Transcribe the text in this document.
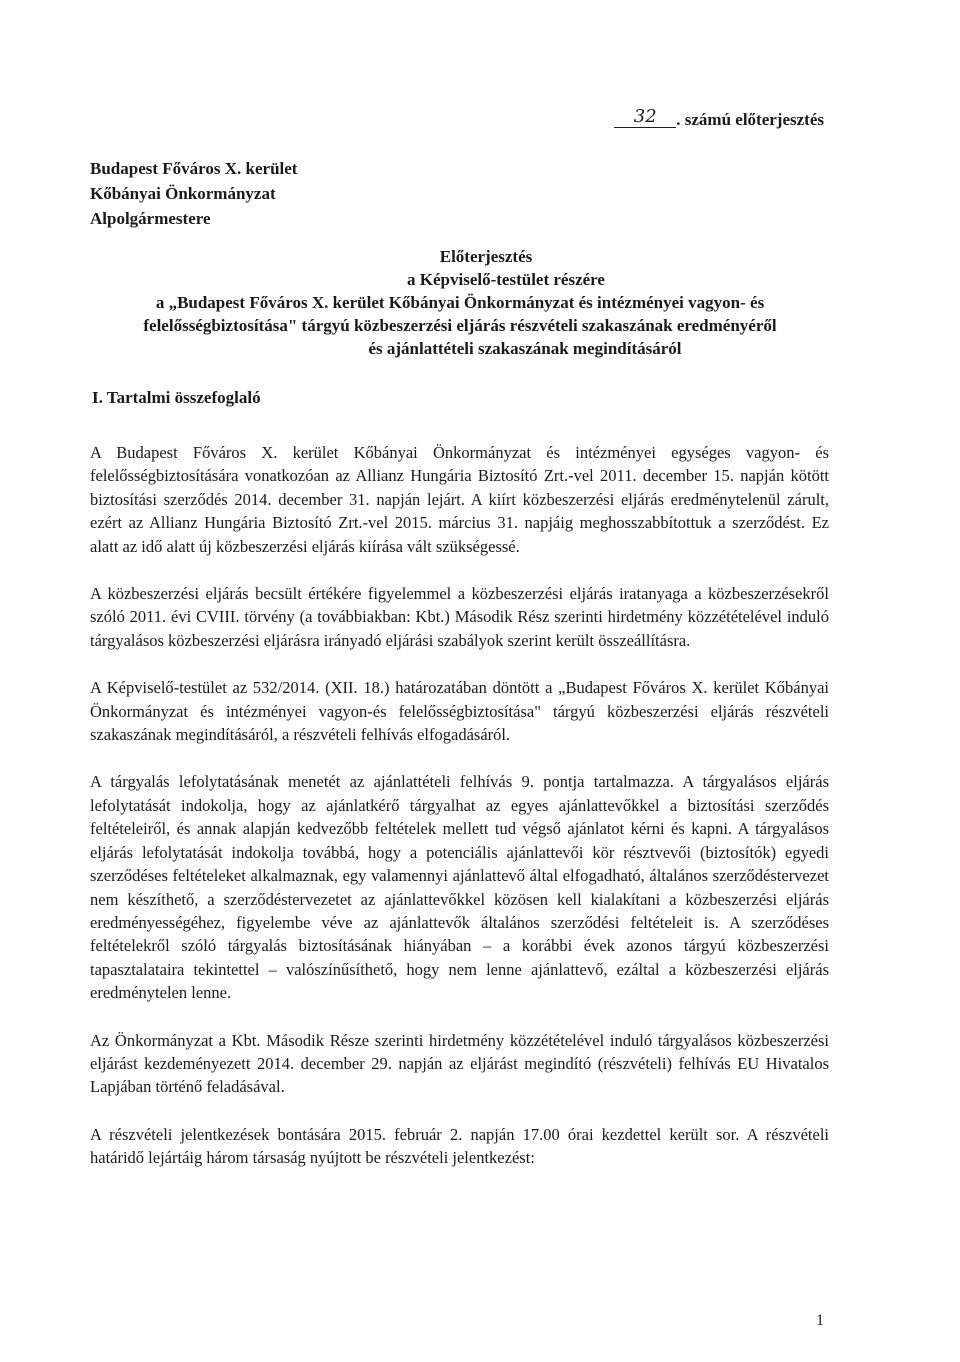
32 . számú előterjesztés
Budapest Főváros X. kerület
Kőbányai Önkormányzat
Alpolgármestere
Előterjesztés
a Képviselő-testület részére
a „Budapest Főváros X. kerület Kőbányai Önkormányzat és intézményei vagyon- és
felelősségbiztosítása" tárgyú közbeszerzési eljárás részvételi szakaszának eredményéről
és ajánlattételi szakaszának megindításáról
I. Tartalmi összefoglaló

A Budapest Főváros X. kerület Kőbányai Önkormányzat és intézményei egységes vagyon- és felelősségbiztosítására vonatkozóan az Allianz Hungária Biztosító Zrt.-vel 2011. december 15. napján kötött biztosítási szerződés 2014. december 31. napján lejárt. A kiírt közbeszerzési eljárás eredménytelenül zárult, ezért az Allianz Hungária Biztosító Zrt.-vel 2015. március 31. napjáig meghosszabbítottuk a szerződést. Ez alatt az idő alatt új közbeszerzési eljárás kiírása vált szükségessé.

A közbeszerzési eljárás becsült értékére figyelemmel a közbeszerzési eljárás iratanyaga a közbeszerzésekről szóló 2011. évi CVIII. törvény (a továbbiakban: Kbt.) Második Rész szerinti hirdetmény közzétételével induló tárgyalásos közbeszerzési eljárásra irányadó eljárási szabályok szerint került összeállításra.

A Képviselő-testület az 532/2014. (XII. 18.) határozatában döntött a „Budapest Főváros X. kerület Kőbányai Önkormányzat és intézményei vagyon-és felelősségbiztosítása" tárgyú közbeszerzési eljárás részvételi szakaszának megindításáról, a részvételi felhívás elfogadásáról.

A tárgyalás lefolytatásának menetét az ajánlattételi felhívás 9. pontja tartalmazza. A tárgyalásos eljárás lefolytatását indokolja, hogy az ajánlatkérő tárgyalhat az egyes ajánlattevőkkel a biztosítási szerződés feltételeiről, és annak alapján kedvezőbb feltételek mellett tud végső ajánlatot kérni és kapni. A tárgyalásos eljárás lefolytatását indokolja továbbá, hogy a potenciális ajánlattevői kör résztvevői (biztosítók) egyedi szerződéses feltételeket alkalmaznak, egy valamennyi ajánlattevő által elfogadható, általános szerződéstervezet nem készíthető, a szerződéstervezetet az ajánlattevőkkel közösen kell kialakítani a közbeszerzési eljárás eredményességéhez, figyelembe véve az ajánlattevők általános szerződési feltételeit is. A szerződéses feltételekről szóló tárgyalás biztosításának hiányában – a korábbi évek azonos tárgyú közbeszerzési tapasztalataira tekintettel – valószínűsíthető, hogy nem lenne ajánlattevő, ezáltal a közbeszerzési eljárás eredménytelen lenne.

Az Önkormányzat a Kbt. Második Része szerinti hirdetmény közzétételével induló tárgyalásos közbeszerzési eljárást kezdeményezett 2014. december 29. napján az eljárást megindító (részvételi) felhívás EU Hivatalos Lapjában történő feladásával.

A részvételi jelentkezések bontására 2015. február 2. napján 17.00 órai kezdettel került sor. A részvételi határidő lejártáig három társaság nyújtott be részvételi jelentkezést:

1
